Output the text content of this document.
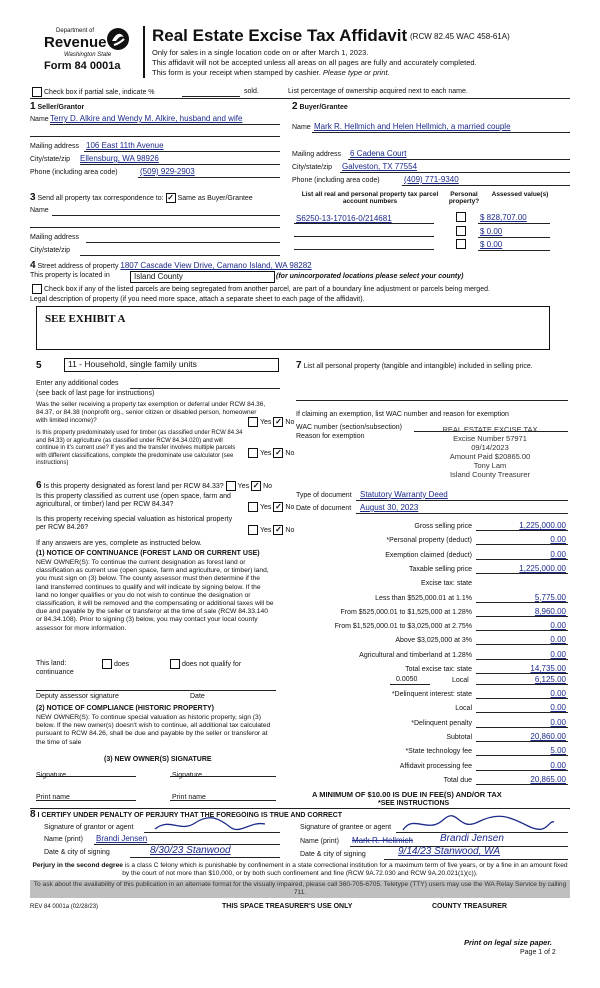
Department of
Revenue
Washington State
Form 84 0001a
Real Estate Excise Tax Affidavit (RCW 82.45 WAC 458-61A)
Only for sales in a single location code on or after March 1, 2023.
This affidavit will not be accepted unless all areas on all pages are fully and accurately completed.
This form is your receipt when stamped by cashier. Please type or print.
Check box if partial sale, indicate %	sold.	List percentage of ownership acquired next to each name.
1 Seller/Grantor
Name Terry D. Alkire and Wendy M. Alkire, husband and wife
Mailing address 106 East 11th Avenue
City/state/zip Ellensburg, WA 98926
Phone (including area code)	(509) 929-2903
2 Buyer/Grantee
Name Mark R. Hellmich and Helen Hellmich, a married couple
Mailing address 6 Cadena Court
City/state/zip Galveston, TX 77554
Phone (including area code)	(409) 771-9340
3 Send all property tax correspondence to: ✓ Same as Buyer/Grantee
Name
Mailing address
City/state/zip
List all real and personal property tax parcel account numbers
Personal property?
Assessed value(s)
S6250-13-17016-0/214681	$ 828,707.00
$ 0.00
$ 0.00
4 Street address of property 1807 Cascade View Drive, Camano Island, WA 98282
This property is located in	Island County	(for unincorporated locations please select your county)
Check box if any of the listed parcels are being segregated from another parcel, are part of a boundary line adjustment or parcels being merged.
Legal description of property (if you need more space, attach a separate sheet to each page of the affidavit).
SEE EXHIBIT A
5	11 - Household, single family units
Enter any additional codes
(see back of last page for instructions)
Was the seller receiving a property tax exemption or deferral under RCW 84.36, 84.37, or 84.38 (nonprofit org., senior citizen or disabled person, homeowner with limited income)?	Yes ✓ No
Is this property predominately used for timber (as classified under RCW 84.34 and 84.33) or agriculture (as classified under RCW 84.34.020) and will continue in it's current use? If yes and the transfer involves multiple parcels with different classifications, complete the predominate use calculator (see instructions)
Yes ✓ No
7 List all personal property (tangible and intangible) included in selling price.
If claiming an exemption, list WAC number and reason for exemption
WAC number (section/subsection)
Reason for exemption
REAL ESTATE EXCISE TAX
Excise Number 57971
09/14/2023
Amount Paid $20865.00
Tony Lam
Island County Treasurer
6 Is this property designated as forest land per RCW 84.33? Yes ✓ No
Is this property classified as current use (open space, farm and agricultural, or timber) land per RCW 84.34?	Yes ✓ No
Is this property receiving special valuation as historical property per RCW 84.26?	Yes ✓ No
If any answers are yes, complete as instructed below.
(1) NOTICE OF CONTINUANCE (FOREST LAND OR CURRENT USE)
NEW OWNER(S): To continue the current designation as forest land or classification as current use (open space, farm and agriculture, or timber) land, you must sign on (3) below. The county assessor must then determine if the land transferred continues to qualify and will indicate by signing below. If the land no longer qualifies or you do not wish to continue the designation or classification, it will be removed and the compensating or additional taxes will be due and payable by the seller or transferor at the time of sale (RCW 84.33.140 or 84.34.108). Prior to signing (3) below, you may contact your local county assessor for more information.
This land:
continuance
does	does not qualify for
Deputy assessor signature	Date
(2) NOTICE OF COMPLIANCE (HISTORIC PROPERTY)
NEW OWNER(S): To continue special valuation as historic property, sign (3) below. If the new owner(s) doesn't wish to continue, all additional tax calculated pursuant to RCW 84.26, shall be due and payable by the seller or transferor at the time of sale
(3) NEW OWNER(S) SIGNATURE
Signature	Signature
Print name	Print name
Type of document Statutory Warranty Deed
Date of document August 30, 2023
Gross selling price	1,225,000.00
*Personal property (deduct)	0.00
Exemption claimed (deduct)	0.00
Taxable selling price	1,225,000.00
Excise tax: state
Less than $525,000.01 at 1.1%	5,775.00
From $525,000.01 to $1,525,000 at 1.28%	8,960.00
From $1,525,000.01 to $3,025,000 at 2.75%	0.00
Above $3,025,000 at 3%	0.00
Agricultural and timberland at 1.28%	0.00
Total excise tax: state	14,735.00
0.0050	Local	6,125.00
*Delinquent interest: state	0.00
Local	0.00
*Delinquent penalty	0.00
Subtotal	20,860.00
*State technology fee	5.00
Affidavit processing fee	0.00
Total due	20,865.00
A MINIMUM OF $10.00 IS DUE IN FEE(S) AND/OR TAX
*SEE INSTRUCTIONS
8 I CERTIFY UNDER PENALTY OF PERJURY THAT THE FOREGOING IS TRUE AND CORRECT
Signature of grantor or agent
Name (print) Brandi Jensen
Date & city of signing	8/30/23 Stanwood
Signature of grantee or agent
Name (print) Mark R. Hellmich	Brandi Jensen
Date & city of signing	9/14/23 Stanwood, WA
Perjury in the second degree is a class C felony which is punishable by confinement in a state correctional institution for a maximum term of five years, or by a fine in an amount fixed by the court of not more than $10,000, or by both such confinement and fine (RCW 9A.72.030 and RCW 9A.20.021(1)(c)).
To ask about the availability of this publication in an alternate format for the visually impaired, please call 360-705-6705. Teletype (TTY) users may use the WA Relay Service by calling 711.
REV 84 0001a (02/28/23)	THIS SPACE TREASURER'S USE ONLY	COUNTY TREASURER
Print on legal size paper.
Page 1 of 2
